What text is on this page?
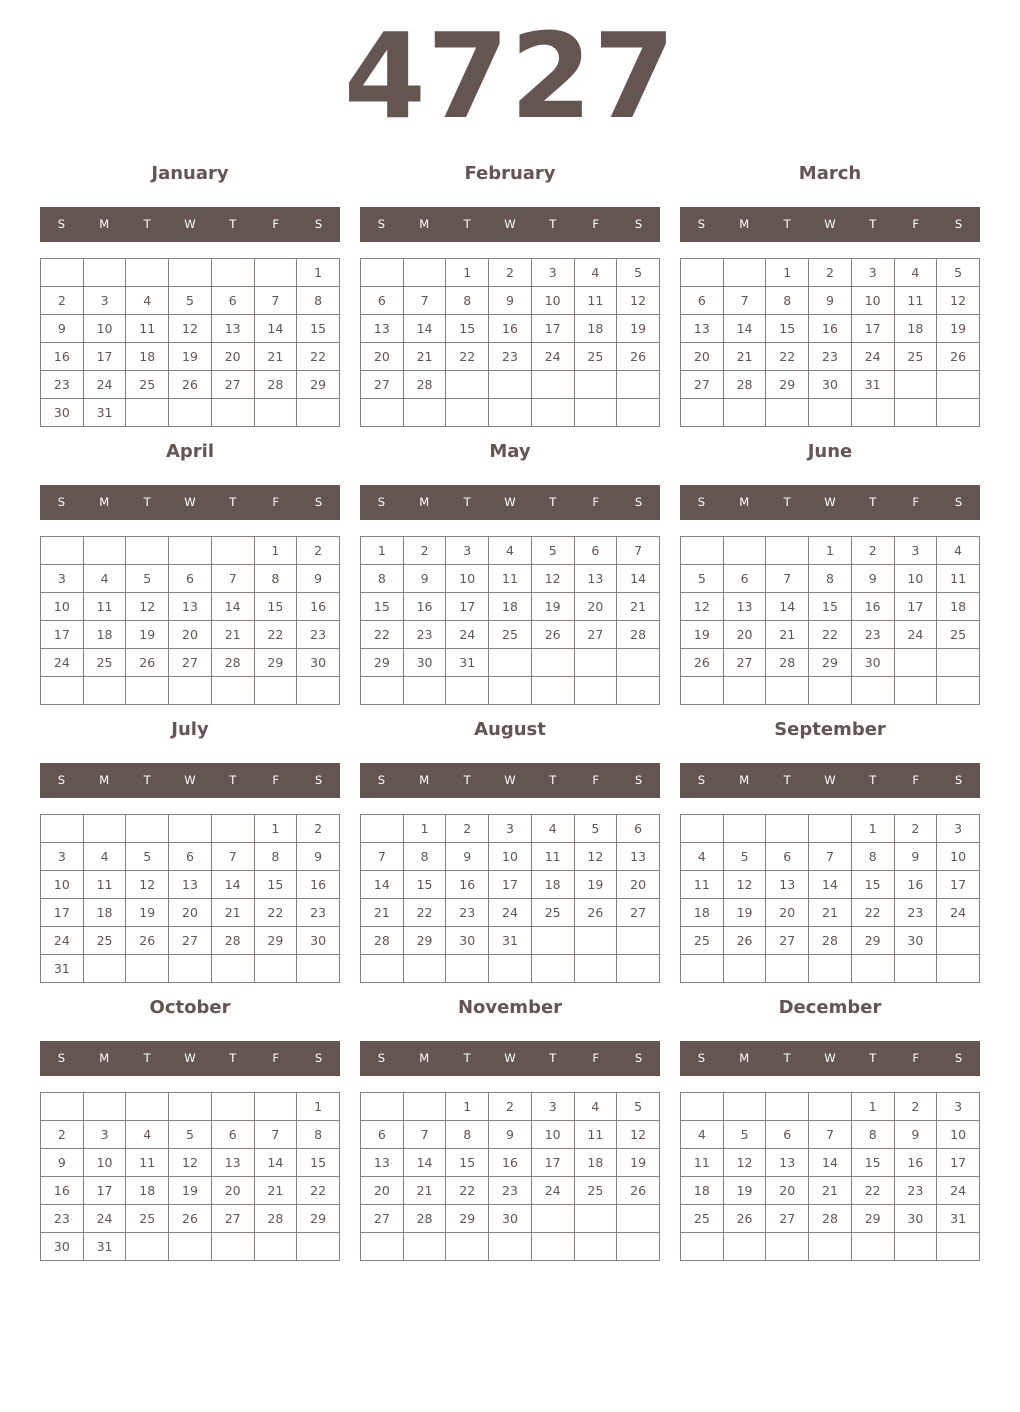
4727
January
S	M	T	W	T	F	S
						1
2	3	4	5	6	7	8
9	10	11	12	13	14	15
16	17	18	19	20	21	22
23	24	25	26	27	28	29
30	31					
February
S	M	T	W	T	F	S
		1	2	3	4	5
6	7	8	9	10	11	12
13	14	15	16	17	18	19
20	21	22	23	24	25	26
27	28					

March
S	M	T	W	T	F	S
		1	2	3	4	5
6	7	8	9	10	11	12
13	14	15	16	17	18	19
20	21	22	23	24	25	26
27	28	29	30	31		

April
S	M	T	W	T	F	S
					1	2
3	4	5	6	7	8	9
10	11	12	13	14	15	16
17	18	19	20	21	22	23
24	25	26	27	28	29	30

May
S	M	T	W	T	F	S
1	2	3	4	5	6	7
8	9	10	11	12	13	14
15	16	17	18	19	20	21
22	23	24	25	26	27	28
29	30	31				

June
S	M	T	W	T	F	S
			1	2	3	4
5	6	7	8	9	10	11
12	13	14	15	16	17	18
19	20	21	22	23	24	25
26	27	28	29	30		

July
S	M	T	W	T	F	S
					1	2
3	4	5	6	7	8	9
10	11	12	13	14	15	16
17	18	19	20	21	22	23
24	25	26	27	28	29	30
31						
August
S	M	T	W	T	F	S
	1	2	3	4	5	6
7	8	9	10	11	12	13
14	15	16	17	18	19	20
21	22	23	24	25	26	27
28	29	30	31			

September
S	M	T	W	T	F	S
				1	2	3
4	5	6	7	8	9	10
11	12	13	14	15	16	17
18	19	20	21	22	23	24
25	26	27	28	29	30	

October
S	M	T	W	T	F	S
						1
2	3	4	5	6	7	8
9	10	11	12	13	14	15
16	17	18	19	20	21	22
23	24	25	26	27	28	29
30	31					
November
S	M	T	W	T	F	S
		1	2	3	4	5
6	7	8	9	10	11	12
13	14	15	16	17	18	19
20	21	22	23	24	25	26
27	28	29	30			

December
S	M	T	W	T	F	S
				1	2	3
4	5	6	7	8	9	10
11	12	13	14	15	16	17
18	19	20	21	22	23	24
25	26	27	28	29	30	31
